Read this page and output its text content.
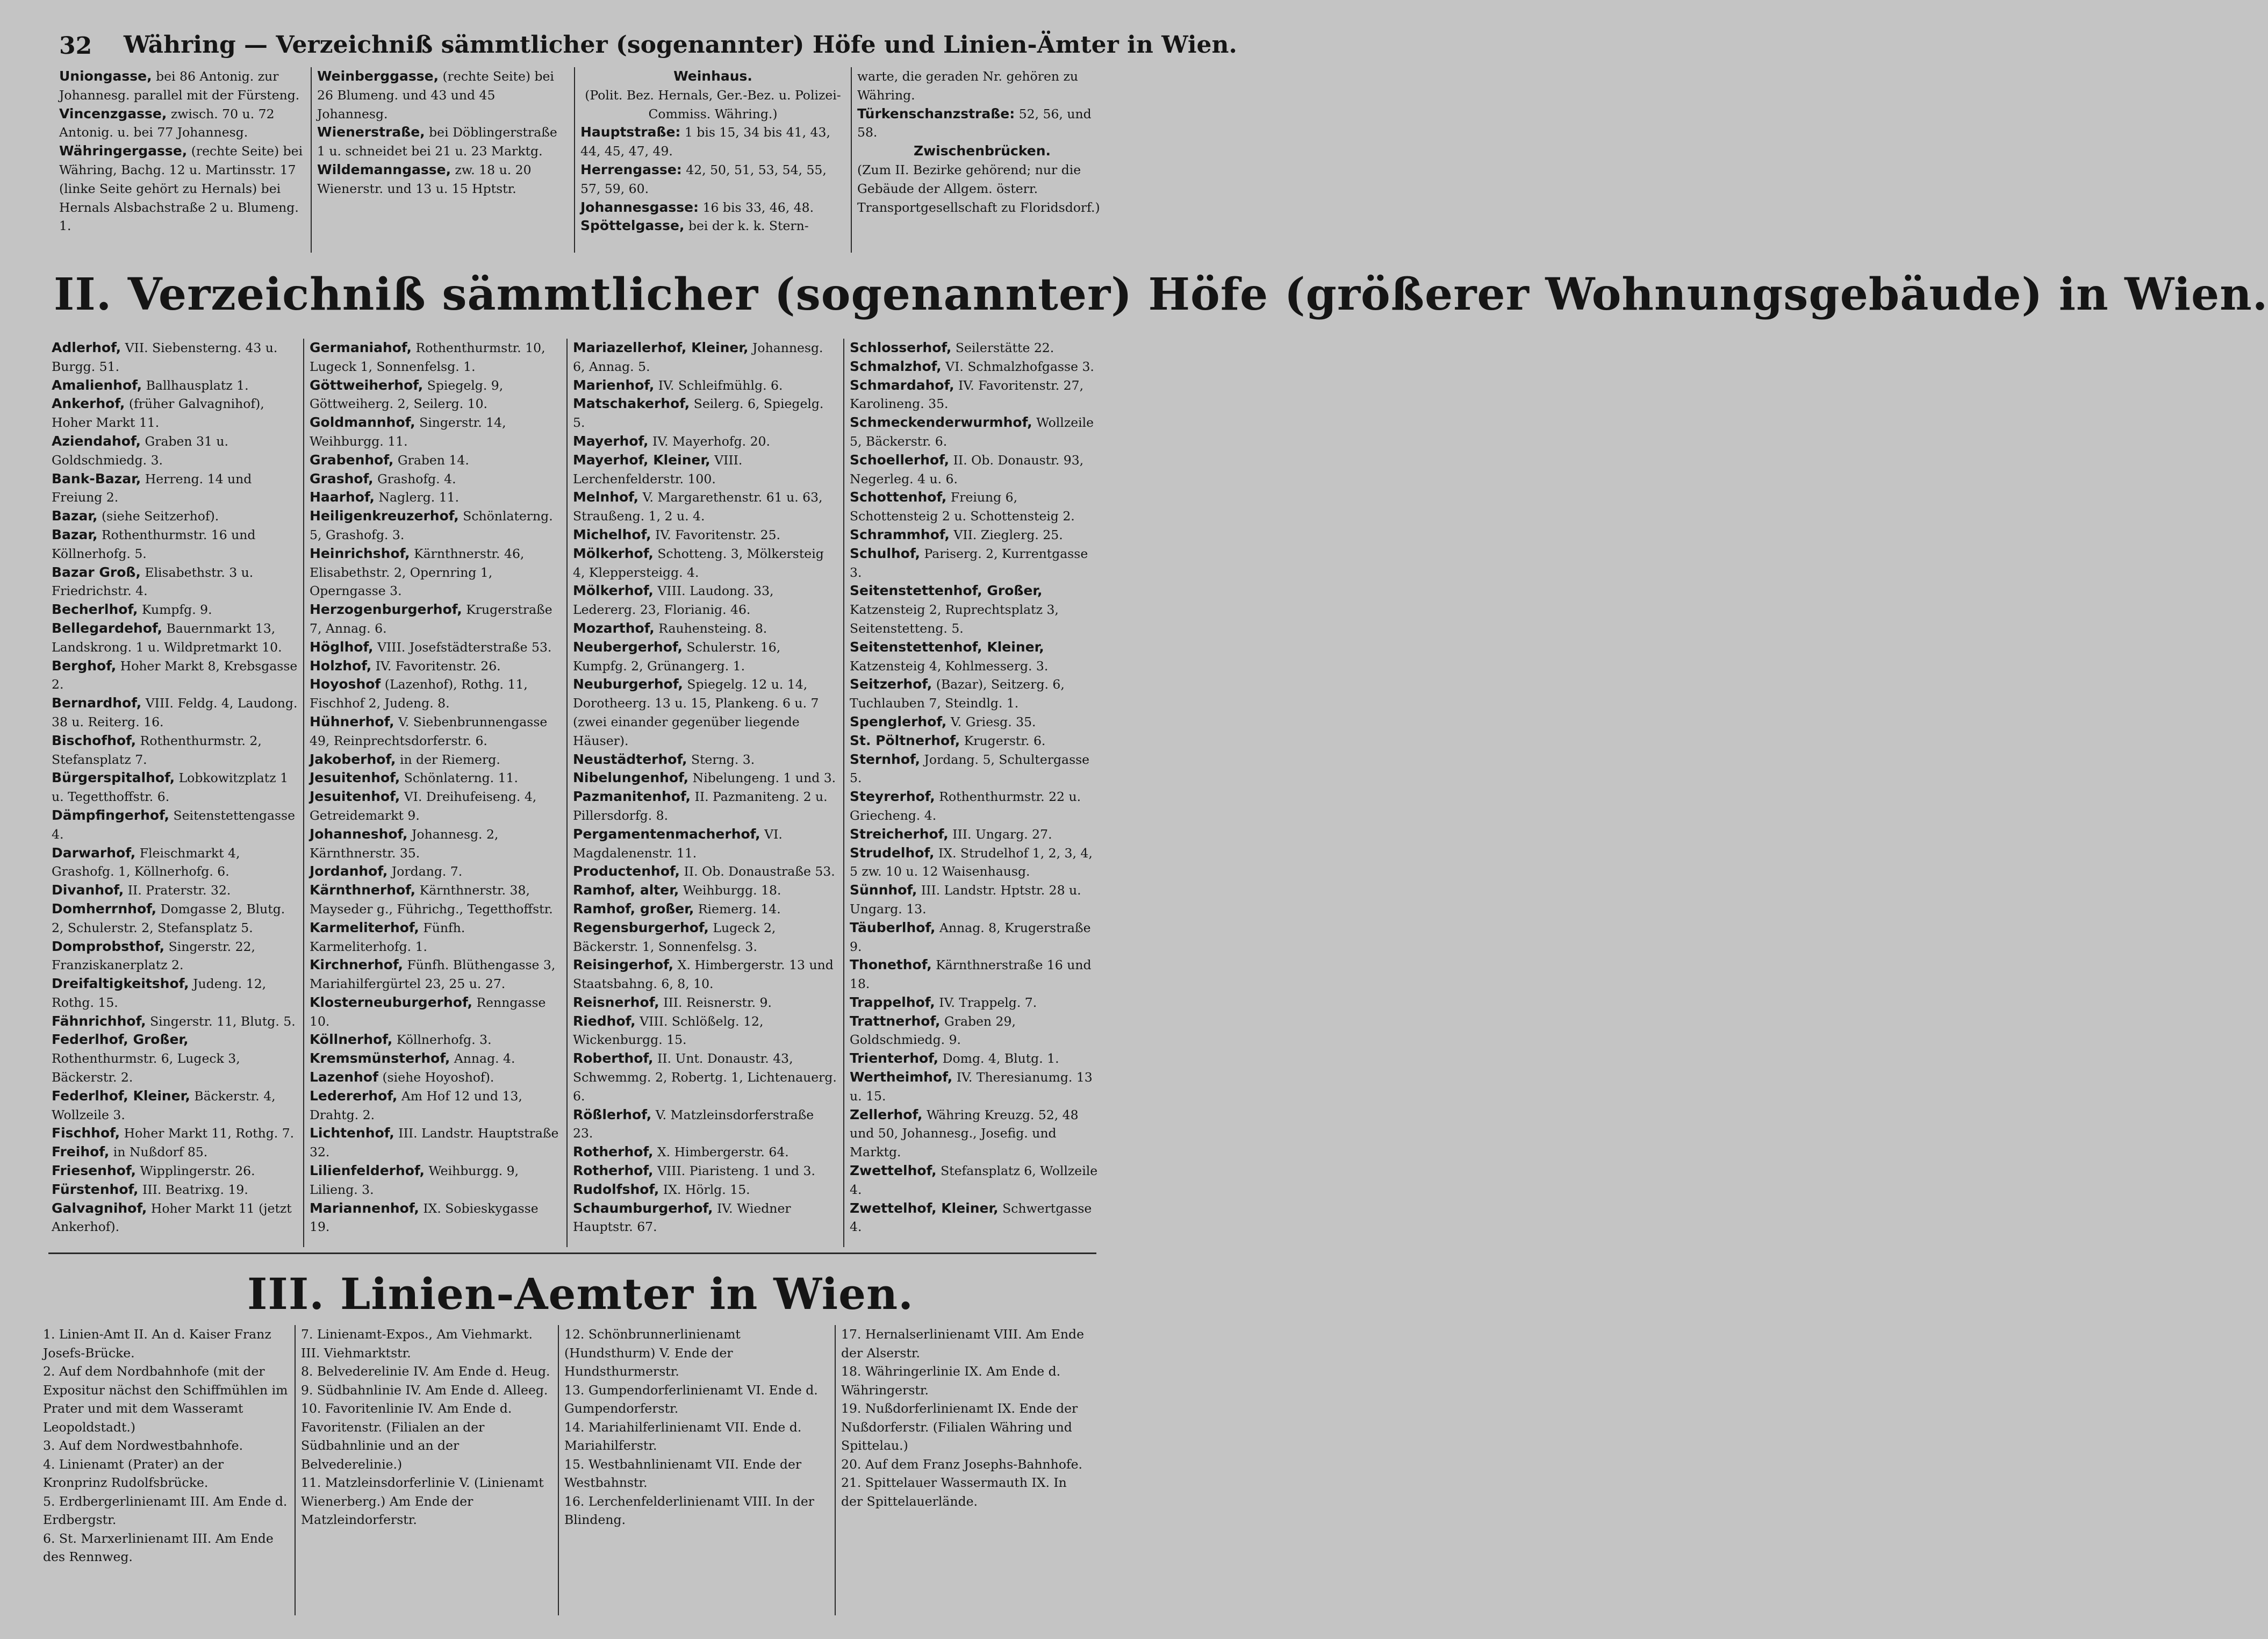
32 Währing — Verzeichniß sämmtlicher (sogenannter) Höfe und Linien-Ämter in Wien.

Uniongasse, bei 86 Antonig. zur Johannesg. parallel mit der Fürsteng.

Vincenzgasse, zwisch. 70 u. 72 Antonig. u. bei 77 Johannesg.

Währingergasse, (rechte Seite) bei Währing, Bachg. 12 u. Martinsstr. 17 (linke Seite gehört zu Hernals) bei Hernals Alsbachstraße 2 u. Blumeng. 1.

Weinberggasse, (rechte Seite) bei 26 Blumeng. und 43 und 45 Johannesg.

Wienerstraße, bei Döblingerstraße 1 u. schneidet bei 21 u. 23 Marktg.

Wildemanngasse, zw. 18 u. 20 Wienerstr. und 13 u. 15 Hptstr.

Weinhaus.

(Polit. Bez. Hernals, Ger.-Bez. u. Polizei-Commiss. Währing.)

Hauptstraße: 1 bis 15, 34 bis 41, 43, 44, 45, 47, 49.

Herrengasse: 42, 50, 51, 53, 54, 55, 57, 59, 60.

Johannesgasse: 16 bis 33, 46, 48.

Spöttelgasse, bei der k. k. Stern-

warte, die geraden Nr. gehören zu Währing.

Türkenschanzstraße: 52, 56, und 58.

Zwischenbrücken.

(Zum II. Bezirke gehörend; nur die Gebäude der Allgem. österr. Transportgesellschaft zu Floridsdorf.)

II. Verzeichniß sämmtlicher (sogenannter) Höfe (größerer Wohnungsgebäude) in Wien.

Adlerhof, VII. Siebensterng. 43 u. Burgg. 51.

Amalienhof, Ballhausplatz 1.

Ankerhof, (früher Galvagnihof), Hoher Markt 11.

Aziendahof, Graben 31 u. Goldschmiedg. 3.

Bank-Bazar, Herreng. 14 und Freiung 2.

Bazar, (siehe Seitzerhof).

Bazar, Rothenthurmstr. 16 und Köllnerhofg. 5.

Bazar Groß, Elisabethstr. 3 u. Friedrichstr. 4.

Becherlhof, Kumpfg. 9.

Bellegardehof, Bauernmarkt 13, Landskrong. 1 u. Wildpretmarkt 10.

Berghof, Hoher Markt 8, Krebsgasse 2.

Bernardhof, VIII. Feldg. 4, Laudong. 38 u. Reiterg. 16.

Bischofhof, Rothenthurmstr. 2, Stefansplatz 7.

Bürgerspitalhof, Lobkowitzplatz 1 u. Tegetthoffstr. 6.

Dämpfingerhof, Seitenstettengasse 4.

Darwarhof, Fleischmarkt 4, Grashofg. 1, Köllnerhofg. 6.

Divanhof, II. Praterstr. 32.

Domherrnhof, Domgasse 2, Blutg. 2, Schulerstr. 2, Stefansplatz 5.

Domprobsthof, Singerstr. 22, Franziskanerplatz 2.

Dreifaltigkeitshof, Judeng. 12, Rothg. 15.

Fähnrichhof, Singerstr. 11, Blutg. 5.

Federlhof, Großer, Rothenthurmstr. 6, Lugeck 3, Bäckerstr. 2.

Federlhof, Kleiner, Bäckerstr. 4, Wollzeile 3.

Fischhof, Hoher Markt 11, Rothg. 7.

Freihof, in Nußdorf 85.

Friesenhof, Wipplingerstr. 26.

Fürstenhof, III. Beatrixg. 19.

Galvagnihof, Hoher Markt 11 (jetzt Ankerhof).

Germaniahof, Rothenthurmstr. 10, Lugeck 1, Sonnenfelsg. 1.

Göttweiherhof, Spiegelg. 9, Göttweiherg. 2, Seilerg. 10.

Goldmannhof, Singerstr. 14, Weihburgg. 11.

Grabenhof, Graben 14.

Grashof, Grashofg. 4.

Haarhof, Naglerg. 11.

Heiligenkreuzerhof, Schönlaterng. 5, Grashofg. 3.

Heinrichshof, Kärnthnerstr. 46, Elisabethstr. 2, Opernring 1, Operngasse 3.

Herzogenburgerhof, Krugerstraße 7, Annag. 6.

Höglhof, VIII. Josefstädterstraße 53.

Holzhof, IV. Favoritenstr. 26.

Hoyoshof (Lazenhof), Rothg. 11, Fischhof 2, Judeng. 8.

Hühnerhof, V. Siebenbrunnengasse 49, Reinprechtsdorferstr. 6.

Jakoberhof, in der Riemerg.

Jesuitenhof, Schönlaterng. 11.

Jesuitenhof, VI. Dreihufeiseng. 4, Getreidemarkt 9.

Johanneshof, Johannesg. 2, Kärnthnerstr. 35.

Jordanhof, Jordang. 7.

Kärnthnerhof, Kärnthnerstr. 38, Mayseder g., Führichg., Tegetthoffstr.

Karmeliterhof, Fünfh. Karmeliterhofg. 1.

Kirchnerhof, Fünfh. Blüthengasse 3, Mariahilfergürtel 23, 25 u. 27.

Klosterneuburgerhof, Renngasse 10.

Köllnerhof, Köllnerhofg. 3.

Kremsmünsterhof, Annag. 4.

Lazenhof (siehe Hoyoshof).

Ledererhof, Am Hof 12 und 13, Drahtg. 2.

Lichtenhof, III. Landstr. Hauptstraße 32.

Lilienfelderhof, Weihburgg. 9, Lilieng. 3.

Mariannenhof, IX. Sobieskygasse 19.

Mariazellerhof, Kleiner, Johannesg. 6, Annag. 5.

Marienhof, IV. Schleifmühlg. 6.

Matschakerhof, Seilerg. 6, Spiegelg. 5.

Mayerhof, IV. Mayerhofg. 20.

Mayerhof, Kleiner, VIII. Lerchenfelderstr. 100.

Melnhof, V. Margarethenstr. 61 u. 63, Straußeng. 1, 2 u. 4.

Michelhof, IV. Favoritenstr. 25.

Mölkerhof, Schotteng. 3, Mölkersteig 4, Kleppersteigg. 4.

Mölkerhof, VIII. Laudong. 33, Ledererg. 23, Florianig. 46.

Mozarthof, Rauhensteing. 8.

Neubergerhof, Schulerstr. 16, Kumpfg. 2, Grünangerg. 1.

Neuburgerhof, Spiegelg. 12 u. 14, Dorotheerg. 13 u. 15, Plankeng. 6 u. 7 (zwei einander gegenüber liegende Häuser).

Neustädterhof, Sterng. 3.

Nibelungenhof, Nibelungeng. 1 und 3.

Pazmanitenhof, II. Pazmaniteng. 2 u. Pillersdorfg. 8.

Pergamentenmacherhof, VI. Magdalenenstr. 11.

Productenhof, II. Ob. Donaustraße 53.

Ramhof, alter, Weihburgg. 18.

Ramhof, großer, Riemerg. 14.

Regensburgerhof, Lugeck 2, Bäckerstr. 1, Sonnenfelsg. 3.

Reisingerhof, X. Himbergerstr. 13 und Staatsbahng. 6, 8, 10.

Reisnerhof, III. Reisnerstr. 9.

Riedhof, VIII. Schlößelg. 12, Wickenburgg. 15.

Roberthof, II. Unt. Donaustr. 43, Schwemmg. 2, Robertg. 1, Lichtenauerg. 6.

Rößlerhof, V. Matzleinsdorferstraße 23.

Rotherhof, X. Himbergerstr. 64.

Rotherhof, VIII. Piaristeng. 1 und 3.

Rudolfshof, IX. Hörlg. 15.

Schaumburgerhof, IV. Wiedner Hauptstr. 67.

Schlosserhof, Seilerstätte 22.

Schmalzhof, VI. Schmalzhofgasse 3.

Schmardahof, IV. Favoritenstr. 27, Karolineng. 35.

Schmeckenderwurmhof, Wollzeile 5, Bäckerstr. 6.

Schoellerhof, II. Ob. Donaustr. 93, Negerleg. 4 u. 6.

Schottenhof, Freiung 6, Schottensteig 2 u. Schottensteig 2.

Schrammhof, VII. Zieglerg. 25.

Schulhof, Pariserg. 2, Kurrentgasse 3.

Seitenstettenhof, Großer, Katzensteig 2, Ruprechtsplatz 3, Seitenstetteng. 5.

Seitenstettenhof, Kleiner, Katzensteig 4, Kohlmesserg. 3.

Seitzerhof, (Bazar), Seitzerg. 6, Tuchlauben 7, Steindlg. 1.

Spenglerhof, V. Griesg. 35.

St. Pöltnerhof, Krugerstr. 6.

Sternhof, Jordang. 5, Schultergasse 5.

Steyrerhof, Rothenthurmstr. 22 u. Griecheng. 4.

Streicherhof, III. Ungarg. 27.

Strudelhof, IX. Strudelhof 1, 2, 3, 4, 5 zw. 10 u. 12 Waisenhausg.

Sünnhof, III. Landstr. Hptstr. 28 u. Ungarg. 13.

Täuberlhof, Annag. 8, Krugerstraße 9.

Thonethof, Kärnthnerstraße 16 und 18.

Trappelhof, IV. Trappelg. 7.

Trattnerhof, Graben 29, Goldschmiedg. 9.

Trienterhof, Domg. 4, Blutg. 1.

Wertheimhof, IV. Theresianumg. 13 u. 15.

Zellerhof, Währing Kreuzg. 52, 48 und 50, Johannesg., Josefig. und Marktg.

Zwettelhof, Stefansplatz 6, Wollzeile 4.

Zwettelhof, Kleiner, Schwertgasse 4.

III. Linien-Aemter in Wien.

1. Linien-Amt II. An d. Kaiser Franz Josefs-Brücke.

2. Auf dem Nordbahnhofe (mit der Expositur nächst den Schiffmühlen im Prater und mit dem Wasseramt Leopoldstadt.)

3. Auf dem Nordwestbahnhofe.

4. Linienamt (Prater) an der Kronprinz Rudolfsbrücke.

5. Erdbergerlinienamt III. Am Ende d. Erdbergstr.

6. St. Marxerlinienamt III. Am Ende des Rennweg.

7. Linienamt-Expos., Am Viehmarkt. III. Viehmarktstr.

8. Belvederelinie IV. Am Ende d. Heug.

9. Südbahnlinie IV. Am Ende d. Alleeg.

10. Favoritenlinie IV. Am Ende d. Favoritenstr. (Filialen an der Südbahnlinie und an der Belvederelinie.)

11. Matzleinsdorferlinie V. (Linienamt Wienerberg.) Am Ende der Matzleindorferstr.

12. Schönbrunnerlinienamt (Hundsthurm) V. Ende der Hundsthurmerstr.

13. Gumpendorferlinienamt VI. Ende d. Gumpendorferstr.

14. Mariahilferlinienamt VII. Ende d. Mariahilferstr.

15. Westbahnlinienamt VII. Ende der Westbahnstr.

16. Lerchenfelderlinienamt VIII. In der Blindeng.

17. Hernalserlinienamt VIII. Am Ende der Alserstr.

18. Währingerlinie IX. Am Ende d. Währingerstr.

19. Nußdorferlinienamt IX. Ende der Nußdorferstr. (Filialen Währing und Spittelau.)

20. Auf dem Franz Josephs-Bahnhofe.

21. Spittelauer Wassermauth IX. In der Spittelauerlände.
